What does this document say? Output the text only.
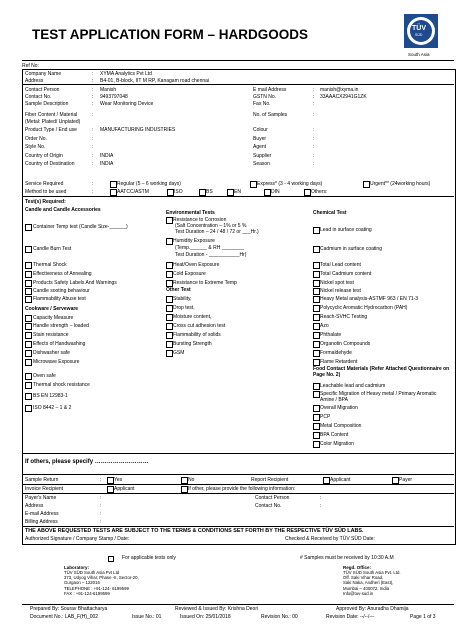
TEST APPLICATION FORM – HARDGOODS	TÜV
SÜD
South Asia
Ref No:
Company Name	: XYMA Analytics Pvt Ltd
Address	: B4-01, B-block, IIT M RP, Kanagam road chennai
Contact Person	: Manish
Contact No.	: 9493797048
Sample Description	: Wear Monitoring Device
Fiber Content / Material	:
(Metal: Plated/ Unplated)
Product Type / End use	: MANUFACTURING INDUSTRIES
Order No.	:
Style No.	:
Country of Origin	: INDIA
Country of Destination	: INDIA
E mail Address	: manish@xyma.in
GSTN No.	: 33AAACX2941G1ZK
Fax No.	:
No. of Samples	:
Colour	:
Buyer	:
Agent	:
Supplier	:
Season	:
Service Required	:	Regular (5 – 6 working days)	Express* (3 - 4 working days)	Urgent** (24working hours)
Method to be used	:	AATCC/ASTM	ISO	BS	EN	DIN	Others:
Test(s) Required:
Candle and Candle Accessories	Environmental Tests	Chemical Test
Container Temp test (Candle Size-______)
Candle Burn Test
Thermal Shock
Effectiveness of Annealing
Products Safety Labels And Warnings
Candle sooting behaviour
Flammability Abuse test
Capacity Measure
Handle strength – loaded
Stain resistance
Effects of Handwashing
Dishwasher safe
Microwave Exposure
Oven safe
Thermal shock resistance
BS EN 12983-1
ISO 8442 – 1 & 2
Resistance to Corrosion
(Salt Concentration – 1% or 5 %
Test Duration – 24 / 48 / 72 or ___Hr.)
Humidity Exposure
(Temp.______ & RH ________
Test Duration - ___________Hr)
Heat/Oven Exposure
Cold Exposure
Resistance to Extreme Temp
Stability,
Drop test,
Moisture content,
Cross cut adhesion test
Flammability of solids
Bursting Strength
GSM
Lead in surface coating
Cadmium in surface coating
Total Lead content
Total Cadmium content
Nickel spot test
Nickel release test
Heavy Metal analysis-ASTMF 963 / EN 71-3
Polycyclic Aromatic Hydrocarbon (PAH)
Reach-SVHC Testing
Azo
Phthalate
Organotin Compounds
Formaldehyde
Flame Retardent
Leachable lead and cadmium
Specific Migration of Heavy metal / Primary Aromatic Amine / BPA
Overall Migration
PCP
Metal Composition
BPA Content
Color Migration
Cookware / Serveware
Other Test
Food Contact Materials (Refer Attached Questionnaire on Page No. 2)
If others, please specify ………………………
Sample Return	:	Yes	No	Report Recipient	Applicant	Payer
Invoice Recipient	Applicant	If other, please provide the following information:
Payer's Name	:
Address	:
E-mail Address	:
Billing Address	:
Contact Person	:
Contact No.	:
THE ABOVE REQUESTED TESTS ARE SUBJECT TO THE TERMS & CONDITIONS SET FORTH BY THE RESPECTIVE TÜV SÜD LABS.
Authorized Signature / Company Stamp / Date:	Checked & Received by TÜV SÜD Date:
For applicable tests only	# Samples must be received by 10:30 A.M
Laboratory:
TÜV SÜD South Asia Pvt Ltd
373, Udyog Vihar, Phase -II, Sector-20,
Gurgaon – 122016
TELEPHONE : +91-124- 6199599
FAX : +91-124-6199599
Regd. Office:
TÜV SÜD South Asia Pvt. Ltd.
Off. Saki Vihar Road,
Saki Naka, Andheri (East),
Mumbai – 400072. India
Info@tuv-sud.in
Prepared By: Sourav Bhattacharya	Reviewed & Issued By: Krishna Deori	Approved By: Anuradha Dhamija
Document No.: LAB_F(H)_002	Issue No.: 01	Issued On: 25/01/2018	Revision No.: 00	Revision Date: --/--/---	Page 1 of 3
